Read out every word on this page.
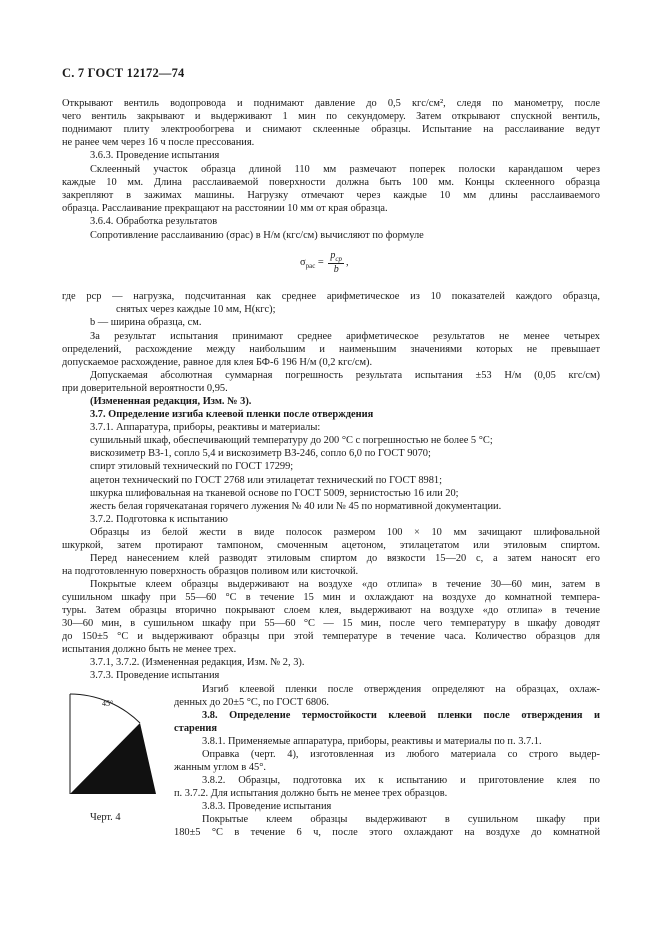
С. 7 ГОСТ 12172—74
Открывают вентиль водопровода и поднимают давление до 0,5 кгс/см², следя по манометру, после
чего вентиль закрывают и выдерживают 1 мин по секундомеру. Затем открывают спускной вентиль,
поднимают плиту электрообогрева и снимают склеенные образцы. Испытание на расслаивание ведут
не ранее чем через 16 ч после прессования.
3.6.3. Проведение испытания
Склеенный участок образца длиной 110 мм размечают поперек полоски карандашом через
каждые 10 мм. Длина расслаиваемой поверхности должна быть 100 мм. Концы склеенного образца
закрепляют в зажимах машины. Нагрузку отмечают через каждые 10 мм длины расслаиваемого
образца. Расслаивание прекращают на расстоянии 10 мм от края образца.
3.6.4. Обработка результатов
Сопротивление расслаиванию (σрас) в Н/м (кгс/см) вычисляют по формуле
где pср — нагрузка, подсчитанная как среднее арифметическое из 10 показателей каждого образца,
снятых через каждые 10 мм, Н(кгс);
b — ширина образца, см.
За результат испытания принимают среднее арифметическое результатов не менее четырех
определений, расхождение между наибольшим и наименьшим значениями которых не превышает
допускаемое расхождение, равное для клея БФ-6 196 Н/м (0,2 кгс/см).
Допускаемая абсолютная суммарная погрешность результата испытания ±53 Н/м (0,05 кгс/см)
при доверительной вероятности 0,95.
(Измененная редакция, Изм. № 3).
3.7. Определение изгиба клеевой пленки после отверждения
3.7.1. Аппаратура, приборы, реактивы и материалы:
сушильный шкаф, обеспечивающий температуру до 200 °С с погрешностью не более 5 °С;
вискозиметр ВЗ-1, сопло 5,4 и вискозиметр ВЗ-246, сопло 6,0 по ГОСТ 9070;
спирт этиловый технический по ГОСТ 17299;
ацетон технический по ГОСТ 2768 или этилацетат технический по ГОСТ 8981;
шкурка шлифовальная на тканевой основе по ГОСТ 5009, зернистостью 16 или 20;
жесть белая горячекатаная горячего лужения № 40 или № 45 по нормативной документации.
3.7.2. Подготовка к испытанию
Образцы из белой жести в виде полосок размером 100 × 10 мм зачищают шлифовальной
шкуркой, затем протирают тампоном, смоченным ацетоном, этилацетатом или этиловым спиртом.
Перед нанесением клей разводят этиловым спиртом до вязкости 15—20 с, а затем наносят его
на подготовленную поверхность образцов поливом или кисточкой.
Покрытые клеем образцы выдерживают на воздухе «до отлипа» в течение 30—60 мин, затем в
сушильном шкафу при 55—60 °С в течение 15 мин и охлаждают на воздухе до комнатной темпера-
туры. Затем образцы вторично покрывают слоем клея, выдерживают на воздухе «до отлипа» в течение
30—60 мин, в сушильном шкафу при 55—60 °С — 15 мин, после чего температуру в шкафу доводят
до 150±5 °С и выдерживают образцы при этой температуре в течение часа. Количество образцов для
испытания должно быть не менее трех.
3.7.1, 3.7.2. (Измененная редакция, Изм. № 2, 3).
3.7.3. Проведение испытания
Изгиб клеевой пленки после отверждения определяют на образцах, охлаж-
денных до 20±5 °С, по ГОСТ 6806.
3.8. Определение термостойкости клеевой пленки после отверждения и
старения
3.8.1. Применяемые аппаратура, приборы, реактивы и материалы по п. 3.7.1.
Оправка (черт. 4), изготовленная из любого материала со строго выдер-
жанным углом в 45°.
3.8.2. Образцы, подготовка их к испытанию и приготовление клея по
п. 3.7.2. Для испытания должно быть не менее трех образцов.
3.8.3. Проведение испытания
Покрытые клеем образцы выдерживают в сушильном шкафу при
180±5 °С в течение 6 ч, после этого охлаждают на воздухе до комнатной
$\sigma_{рас} = \frac{p_{ср}}{b}$ ,
45°
Черт. 4
